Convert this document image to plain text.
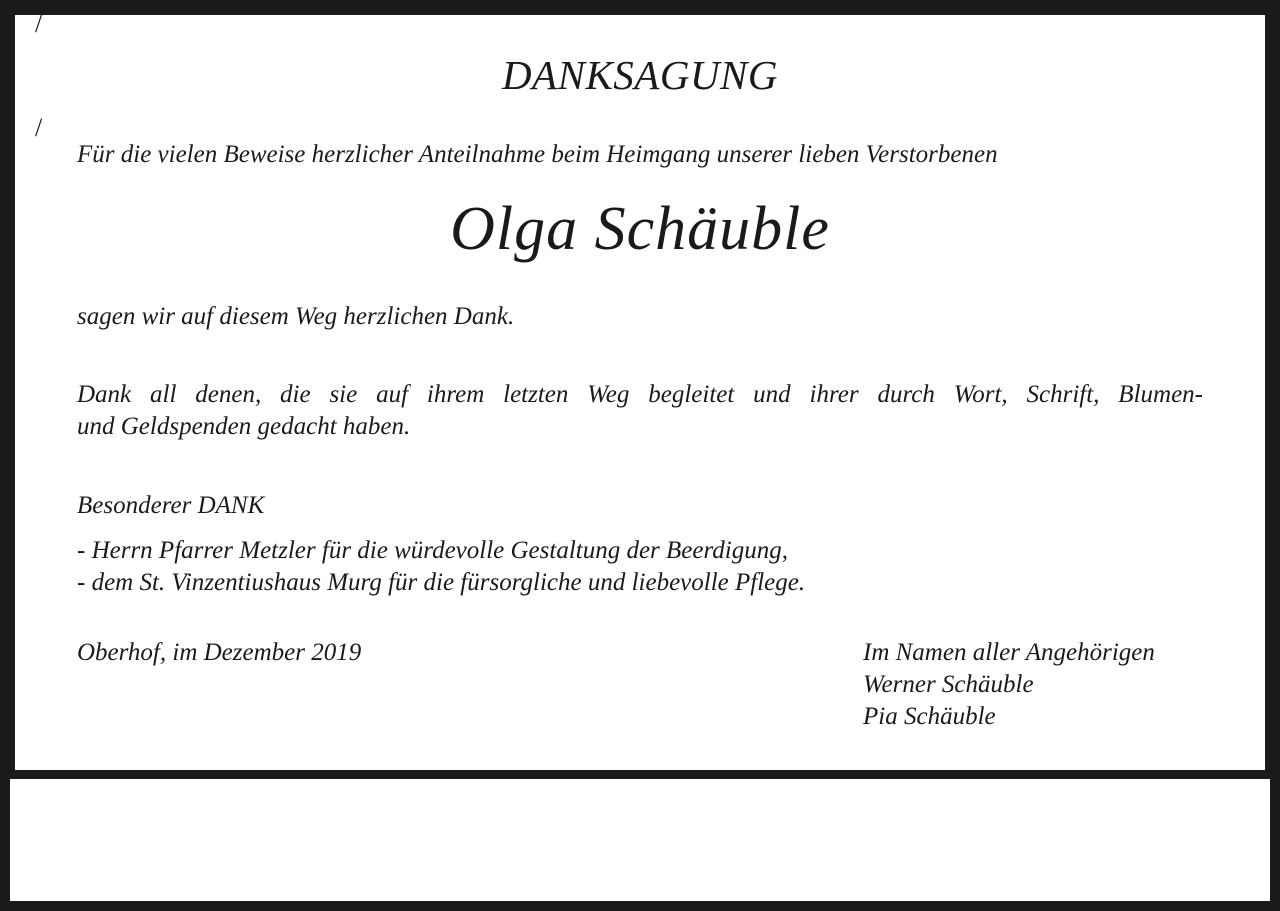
/
/
DANKSAGUNG
Für die vielen Beweise herzlicher Anteilnahme beim Heimgang unserer lieben Verstorbenen
Olga Schäuble
sagen wir auf diesem Weg herzlichen Dank.
Dank all denen, die sie auf ihrem letzten Weg begleitet und ihrer durch Wort, Schrift, Blumen-
und Geldspenden gedacht haben.
Besonderer DANK
- Herrn Pfarrer Metzler für die würdevolle Gestaltung der Beerdigung,
- dem St. Vinzentiushaus Murg für die fürsorgliche und liebevolle Pflege.
Oberhof, im Dezember 2019	Im Namen aller Angehörigen
Werner Schäuble
Pia Schäuble
